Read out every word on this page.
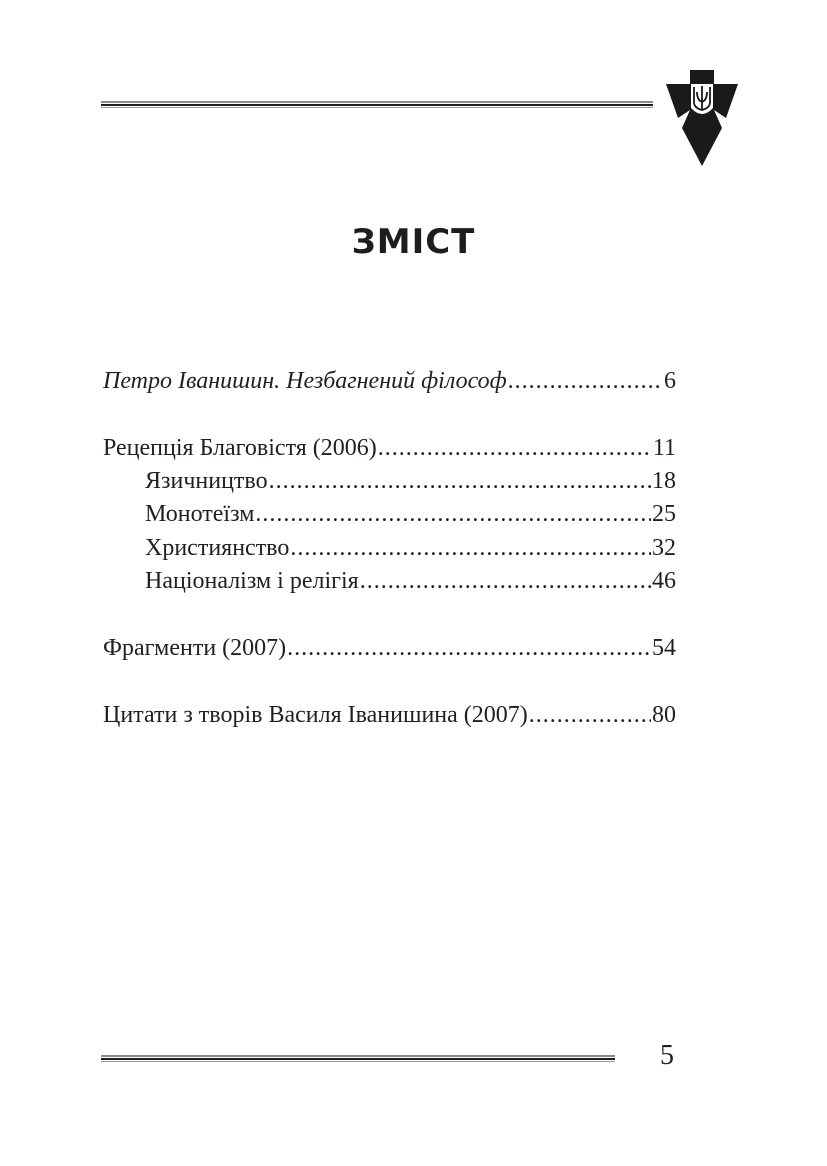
ЗМІСТ
Петро Іванишин. Незбагнений філософ .....	6
Рецепція Благовістя (2006) .....	11
Язичництво .....	18
Монотеїзм .....	25
Християнство .....	32
Націоналізм і релігія .....	46
Фрагменти (2007) .....	54
Цитати з творів Василя Іванишина (2007) .....	80
5
